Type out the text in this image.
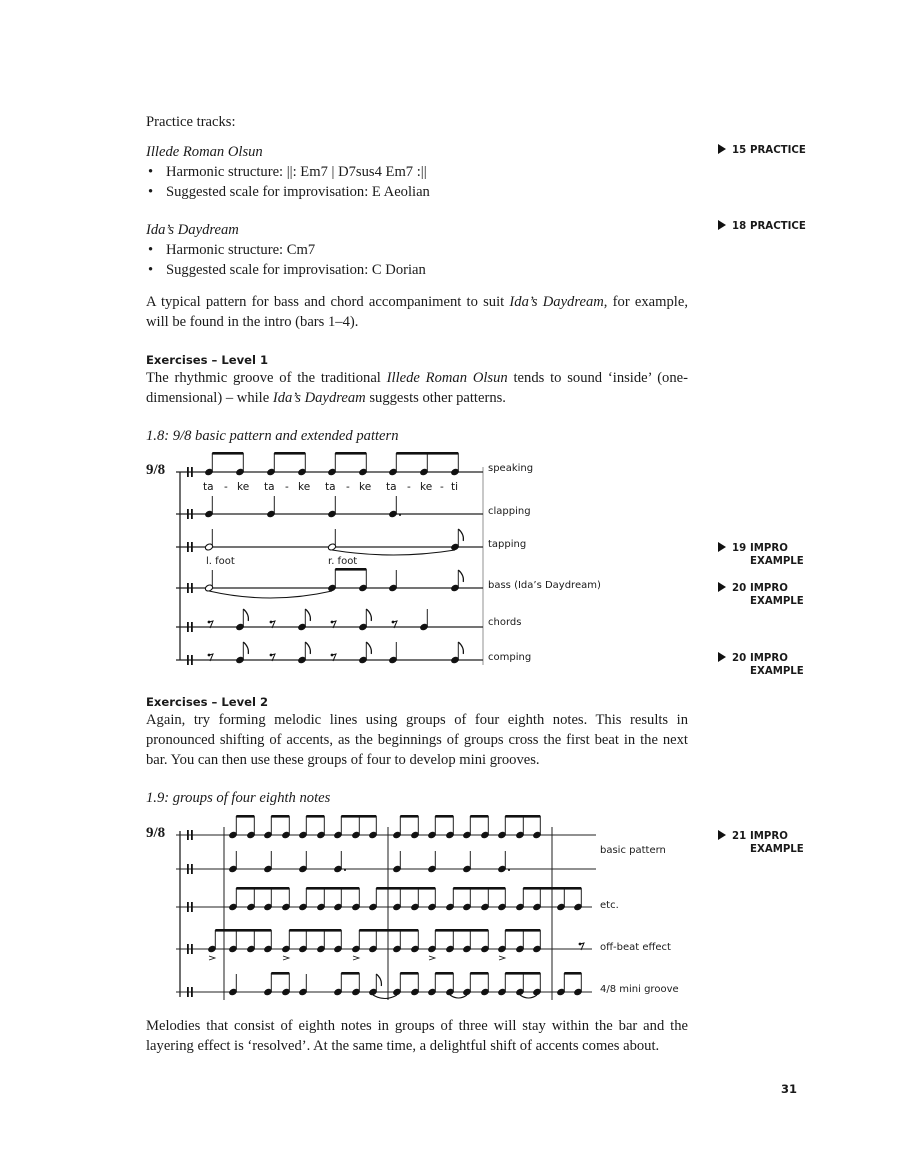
Practice tracks:
Illede Roman Olsun
• Harmonic structure: ||: Em7 | D7sus4 Em7 :||
• Suggested scale for improvisation: E Aeolian
Ida’s Daydream
• Harmonic structure: Cm7
• Suggested scale for improvisation: C Dorian
15 PRACTICE
18 PRACTICE
A typical pattern for bass and chord accompaniment to suit Ida’s Daydream, for example, will be found in the intro (bars 1–4).
Exercises – Level 1
The rhythmic groove of the traditional Illede Roman Olsun tends to sound ‘inside’ (one-dimensional) – while Ida’s Daydream suggests other patterns.
1.8: 9/8 basic pattern and extended pattern
9/8
ta - ke ta - ke ta - ke ta - ke - ti
speaking
clapping
tapping
bass (Ida’s Daydream)
chords
comping
l. foot	r. foot
19 IMPRO
EXAMPLE
20 IMPRO
EXAMPLE
20 IMPRO
EXAMPLE
Exercises – Level 2
Again, try forming melodic lines using groups of four eighth notes. This results in pronounced shifting of accents, as the beginnings of groups cross the first beat in the next bar. You can then use these groups of four to develop mini grooves.
1.9: groups of four eighth notes
9/8
basic pattern
etc.
off-beat effect
4/8 mini groove
21 IMPRO
EXAMPLE
Melodies that consist of eighth notes in groups of three will stay within the bar and the layering effect is ‘resolved’. At the same time, a delightful shift of accents comes about.
31
